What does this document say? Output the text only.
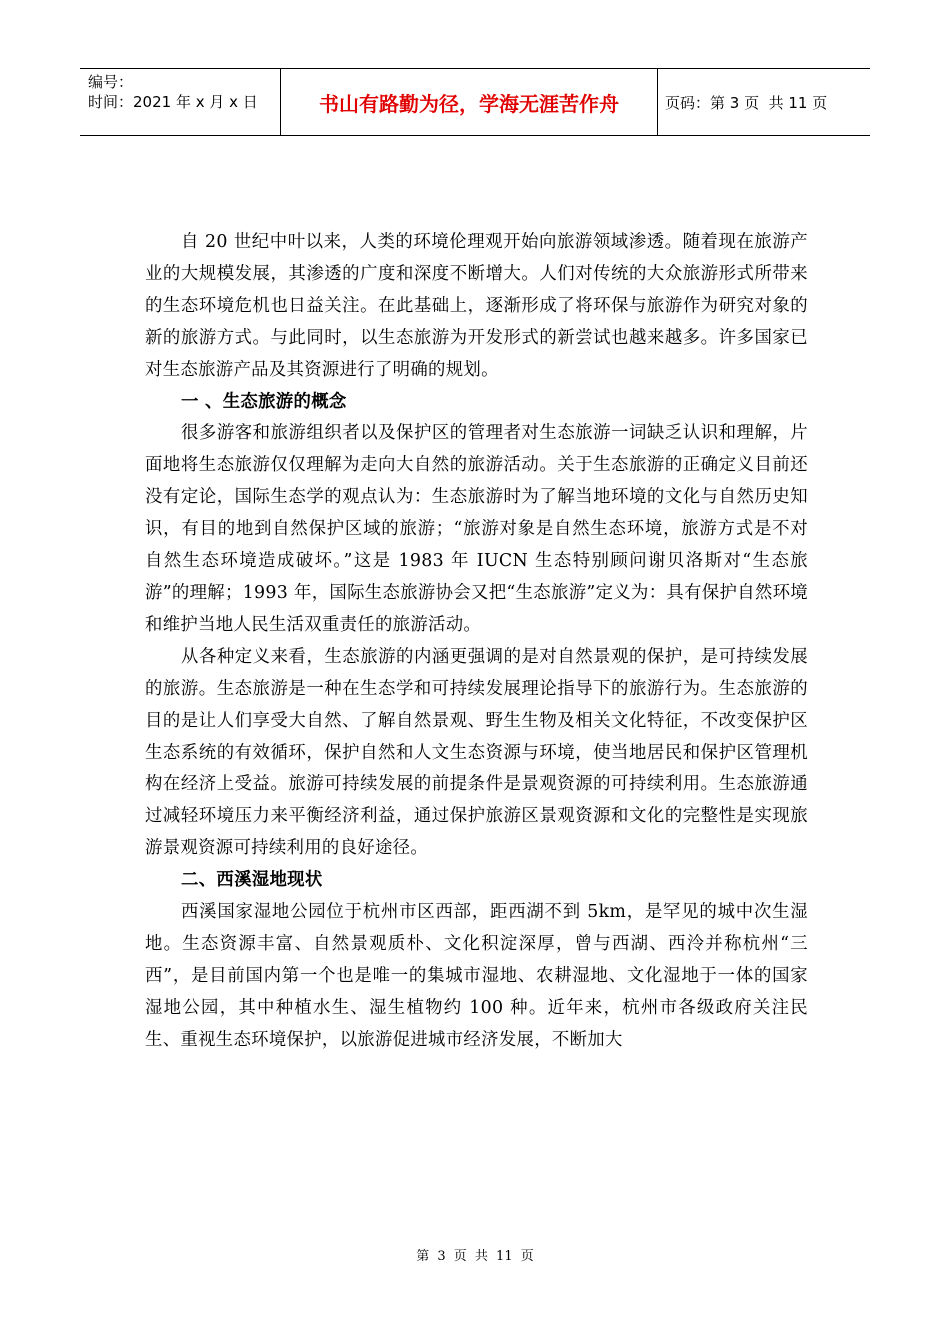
编号：
时间：2021 年 x 月 x 日	书山有路勤为径，学海无涯苦作舟	页码：第 3 页  共 11 页

自 20 世纪中叶以来，人类的环境伦理观开始向旅游领域渗透。随着现在旅游产业的大规模发展，其渗透的广度和深度不断增大。人们对传统的大众旅游形式所带来的生态环境危机也日益关注。在此基础上，逐渐形成了将环保与旅游作为研究对象的新的旅游方式。与此同时，以生态旅游为开发形式的新尝试也越来越多。许多国家已对生态旅游产品及其资源进行了明确的规划。

一 、生态旅游的概念

很多游客和旅游组织者以及保护区的管理者对生态旅游一词缺乏认识和理解，片面地将生态旅游仅仅理解为走向大自然的旅游活动。关于生态旅游的正确定义目前还没有定论，国际生态学的观点认为：生态旅游时为了解当地环境的文化与自然历史知识，有目的地到自然保护区域的旅游；“旅游对象是自然生态环境，旅游方式是不对自然生态环境造成破坏。”这是 1983 年 IUCN 生态特别顾问谢贝洛斯对“生态旅游”的理解；1993 年，国际生态旅游协会又把“生态旅游”定义为：具有保护自然环境和维护当地人民生活双重责任的旅游活动。

从各种定义来看，生态旅游的内涵更强调的是对自然景观的保护，是可持续发展的旅游。生态旅游是一种在生态学和可持续发展理论指导下的旅游行为。生态旅游的目的是让人们享受大自然、了解自然景观、野生生物及相关文化特征，不改变保护区生态系统的有效循环，保护自然和人文生态资源与环境，使当地居民和保护区管理机构在经济上受益。旅游可持续发展的前提条件是景观资源的可持续利用。生态旅游通过减轻环境压力来平衡经济利益，通过保护旅游区景观资源和文化的完整性是实现旅游景观资源可持续利用的良好途径。

二、西溪湿地现状

西溪国家湿地公园位于杭州市区西部，距西湖不到 5km，是罕见的城中次生湿地。生态资源丰富、自然景观质朴、文化积淀深厚，曾与西湖、西泠并称杭州“三西”，是目前国内第一个也是唯一的集城市湿地、农耕湿地、文化湿地于一体的国家湿地公园，其中种植水生、湿生植物约 100 种。近年来，杭州市各级政府关注民生、重视生态环境保护，以旅游促进城市经济发展，不断加大

第 3 页 共 11 页
